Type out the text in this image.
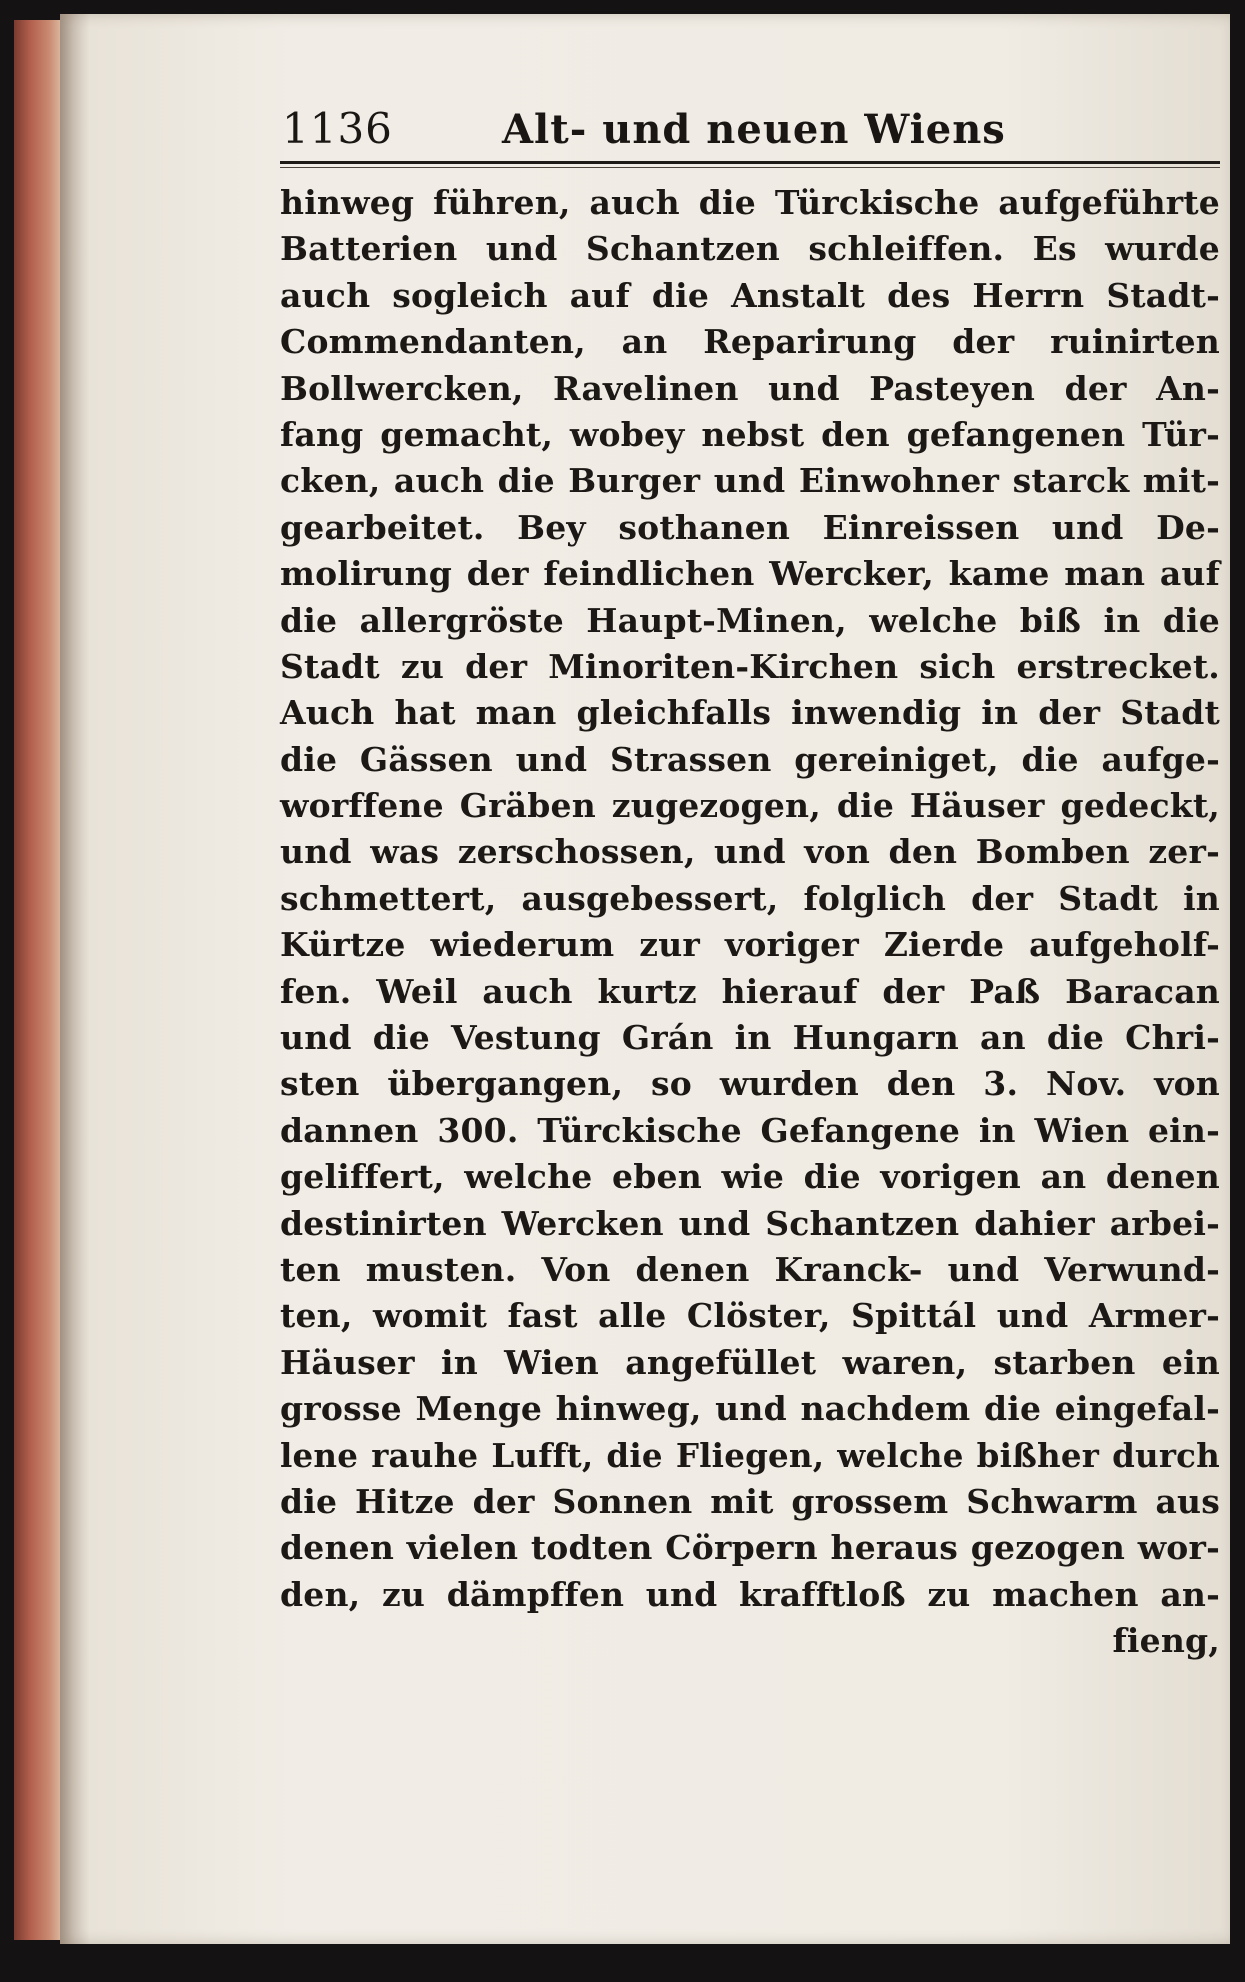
1136	Alt- und neuen Wiens
hinweg führen, auch die Türckische aufgeführte
Batterien und Schantzen schleiffen. Es wurde
auch sogleich auf die Anstalt des Herrn Stadt-
Commendanten, an Reparirung der ruinirten
Bollwercken, Ravelinen und Pasteyen der An-
fang gemacht, wobey nebst den gefangenen Tür-
cken, auch die Burger und Einwohner starck mit-
gearbeitet. Bey sothanen Einreissen und De-
molirung der feindlichen Wercker, kame man auf
die allergröste Haupt-Minen, welche biß in die
Stadt zu der Minoriten-Kirchen sich erstrecket.
Auch hat man gleichfalls inwendig in der Stadt
die Gässen und Strassen gereiniget, die aufge-
worffene Gräben zugezogen, die Häuser gedeckt,
und was zerschossen, und von den Bomben zer-
schmettert, ausgebessert, folglich der Stadt in
Kürtze wiederum zur voriger Zierde aufgeholf-
fen. Weil auch kurtz hierauf der Paß Baracan
und die Vestung Grán in Hungarn an die Chri-
sten übergangen, so wurden den 3. Nov. von
dannen 300. Türckische Gefangene in Wien ein-
geliffert, welche eben wie die vorigen an denen
destinirten Wercken und Schantzen dahier arbei-
ten musten. Von denen Kranck- und Verwund-
ten, womit fast alle Clöster, Spittál und Armer-
Häuser in Wien angefüllet waren, starben ein
grosse Menge hinweg, und nachdem die eingefal-
lene rauhe Lufft, die Fliegen, welche bißher durch
die Hitze der Sonnen mit grossem Schwarm aus
denen vielen todten Cörpern heraus gezogen wor-
den, zu dämpffen und krafftloß zu machen an-
fieng,
